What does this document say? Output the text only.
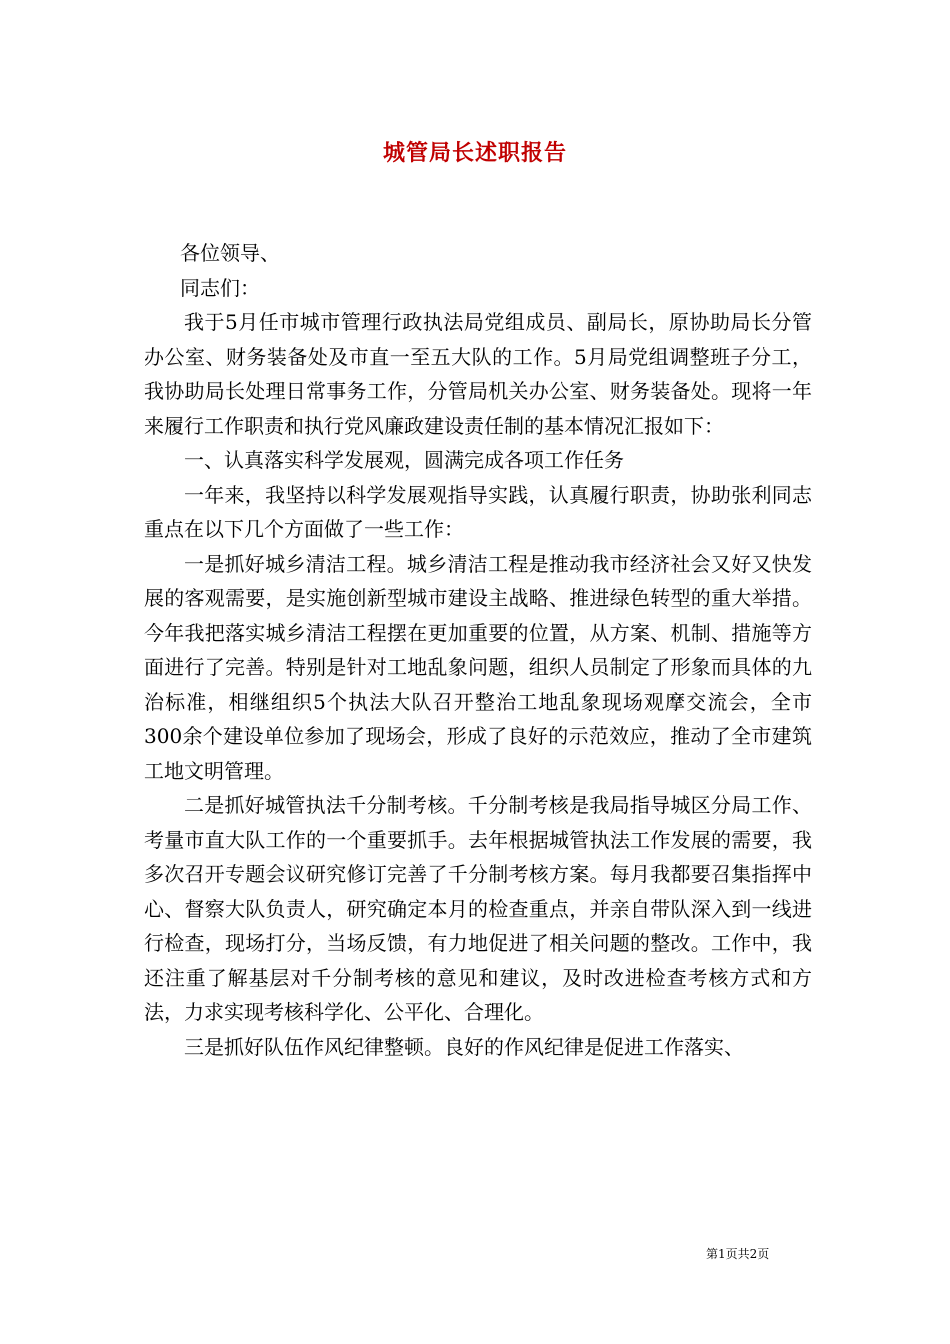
城管局长述职报告

各位领导、

同志们：

我于5月任市城市管理行政执法局党组成员、副局长，原协助局长分管办公室、财务装备处及市直一至五大队的工作。5月局党组调整班子分工，我协助局长处理日常事务工作，分管局机关办公室、财务装备处。现将一年来履行工作职责和执行党风廉政建设责任制的基本情况汇报如下：

一、认真落实科学发展观，圆满完成各项工作任务

一年来，我坚持以科学发展观指导实践，认真履行职责，协助张利同志重点在以下几个方面做了一些工作：

一是抓好城乡清洁工程。城乡清洁工程是推动我市经济社会又好又快发展的客观需要，是实施创新型城市建设主战略、推进绿色转型的重大举措。今年我把落实城乡清洁工程摆在更加重要的位置，从方案、机制、措施等方面进行了完善。特别是针对工地乱象问题，组织人员制定了形象而具体的九治标准，相继组织5个执法大队召开整治工地乱象现场观摩交流会，全市300余个建设单位参加了现场会，形成了良好的示范效应，推动了全市建筑工地文明管理。

二是抓好城管执法千分制考核。千分制考核是我局指导城区分局工作、考量市直大队工作的一个重要抓手。去年根据城管执法工作发展的需要，我多次召开专题会议研究修订完善了千分制考核方案。每月我都要召集指挥中心、督察大队负责人，研究确定本月的检查重点，并亲自带队深入到一线进行检查，现场打分，当场反馈，有力地促进了相关问题的整改。工作中，我还注重了解基层对千分制考核的意见和建议，及时改进检查考核方式和方法，力求实现考核科学化、公平化、合理化。

三是抓好队伍作风纪律整顿。良好的作风纪律是促进工作落实、

第1页共2页
